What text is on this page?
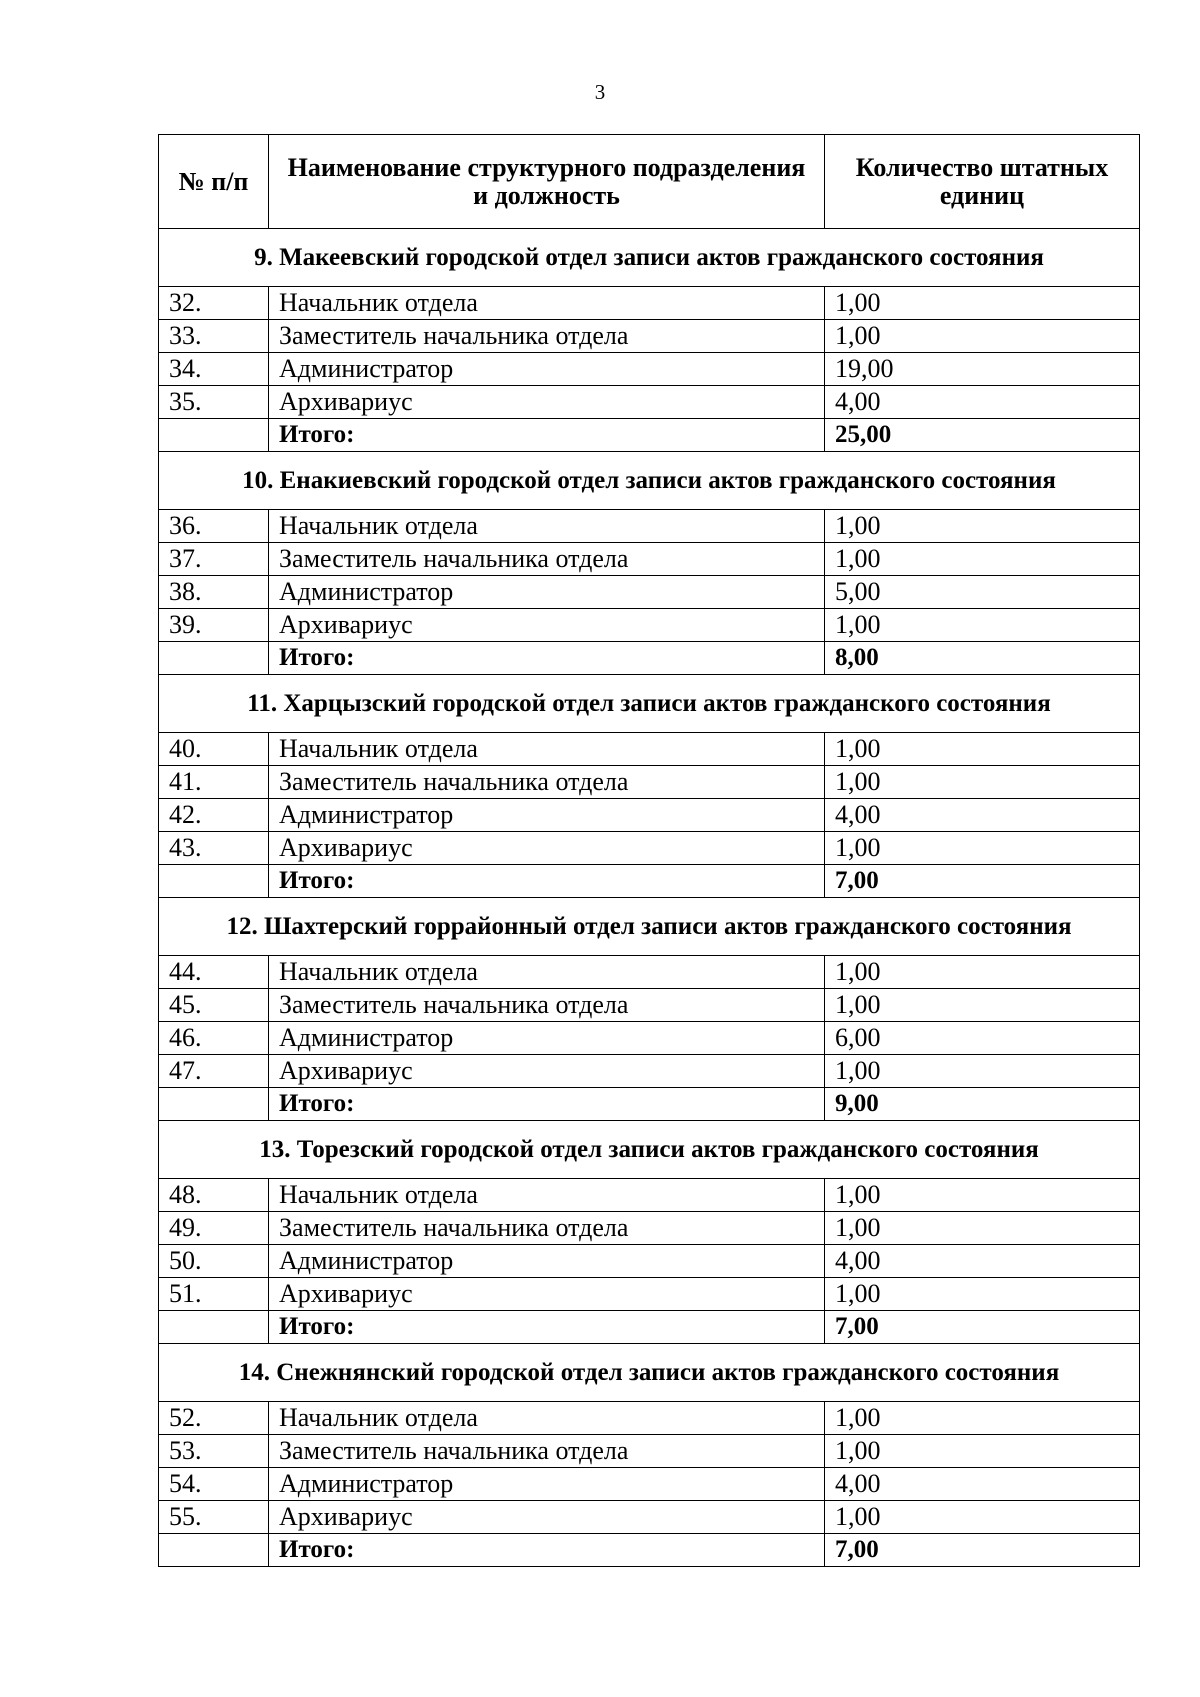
3
№ п/п	Наименование структурного подразделения и должность	Количество штатных единиц
9. Макеевский городской отдел записи актов гражданского состояния		
32.	Начальник отдела	1,00
33.	Заместитель начальника отдела	1,00
34.	Администратор	19,00
35.	Архивариус	4,00
	Итого:	25,00
10. Енакиевский городской отдел записи актов гражданского состояния		
36.	Начальник отдела	1,00
37.	Заместитель начальника отдела	1,00
38.	Администратор	5,00
39.	Архивариус	1,00
	Итого:	8,00
11. Харцызский городской отдел записи актов гражданского состояния		
40.	Начальник отдела	1,00
41.	Заместитель начальника отдела	1,00
42.	Администратор	4,00
43.	Архивариус	1,00
	Итого:	7,00
12. Шахтерский горрайонный отдел записи актов гражданского состояния		
44.	Начальник отдела	1,00
45.	Заместитель начальника отдела	1,00
46.	Администратор	6,00
47.	Архивариус	1,00
	Итого:	9,00
13. Торезский городской отдел записи актов гражданского состояния		
48.	Начальник отдела	1,00
49.	Заместитель начальника отдела	1,00
50.	Администратор	4,00
51.	Архивариус	1,00
	Итого:	7,00
14. Снежнянский городской отдел записи актов гражданского состояния		
52.	Начальник отдела	1,00
53.	Заместитель начальника отдела	1,00
54.	Администратор	4,00
55.	Архивариус	1,00
	Итого:	7,00
